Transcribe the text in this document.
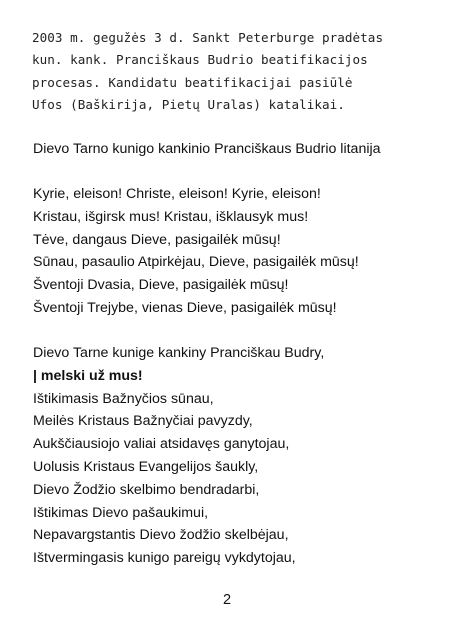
2003 m. gegužės 3 d. Sankt Peterburge pradėtas
kun. kank. Pranciškaus Budrio beatifikacijos
procesas. Kandidatu beatifikacijai pasiūlė
Ufos (Baškirija, Pietų Uralas) katalikai.
Dievo Tarno kunigo kankinio Pranciškaus Budrio litanija
Kyrie, eleison! Christe, eleison! Kyrie, eleison!
Kristau, išgirsk mus! Kristau, išklausyk mus!
Tėve, dangaus Dieve, pasigailėk mūsų!
Sūnau, pasaulio Atpirkėjau, Dieve, pasigailėk mūsų!
Šventoji Dvasia, Dieve, pasigailėk mūsų!
Šventoji Trejybe, vienas Dieve, pasigailėk mūsų!
Dievo Tarne kunige kankiny Pranciškau Budry,
| melski už mus!
Ištikimasis Bažnyčios sūnau,
Meilės Kristaus Bažnyčiai pavyzdy,
Aukščiausiojo valiai atsidavęs ganytojau,
Uolusis Kristaus Evangelijos šaukly,
Dievo Žodžio skelbimo bendradarbi,
Ištikimas Dievo pašaukimui,
Nepavargstantis Dievo žodžio skelbėjau,
Ištvermingasis kunigo pareigų vykdytojau,
2
